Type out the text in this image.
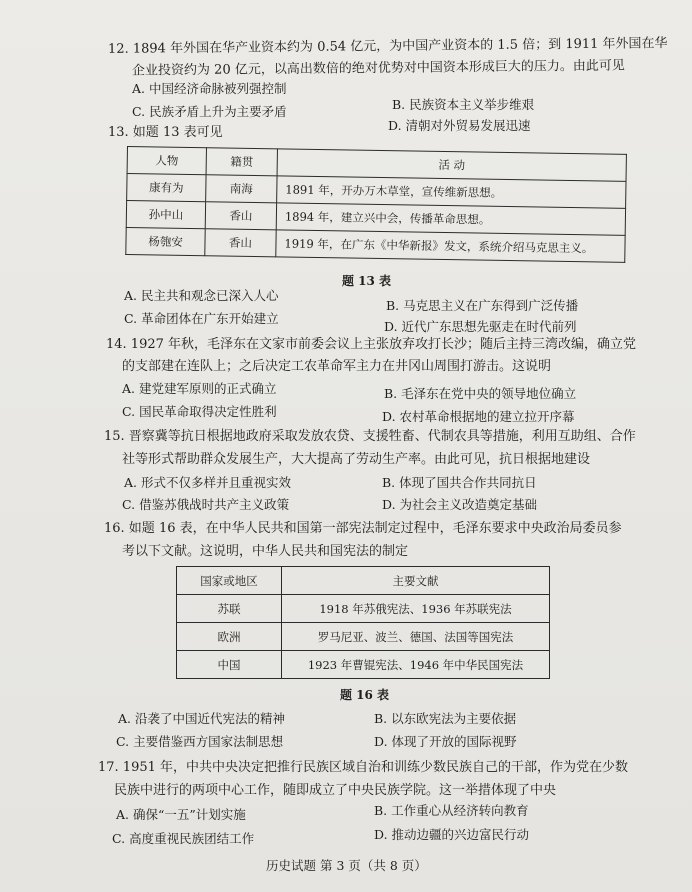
12. 1894 年外国在华产业资本约为 0.54 亿元，为中国产业资本的 1.5 倍；到 1911 年外国在华
企业投资约为 20 亿元，以高出数倍的绝对优势对中国资本形成巨大的压力。由此可见
A. 中国经济命脉被列强控制
B. 民族资本主义举步维艰
C. 民族矛盾上升为主要矛盾
D. 清朝对外贸易发展迅速
13. 如题 13 表可见
人物	籍贯	活 动
康有为	南海	1891 年，开办万木草堂，宣传维新思想。
孙中山	香山	1894 年，建立兴中会，传播革命思想。
杨匏安	香山	1919 年，在广东《中华新报》发文，系统介绍马克思主义。
题 13 表
A. 民主共和观念已深入人心
B. 马克思主义在广东得到广泛传播
C. 革命团体在广东开始建立
D. 近代广东思想先驱走在时代前列
14. 1927 年秋，毛泽东在文家市前委会议上主张放弃攻打长沙；随后主持三湾改编，确立党
的支部建在连队上；之后决定工农革命军主力在井冈山周围打游击。这说明
A. 建党建军原则的正式确立	B. 毛泽东在党中央的领导地位确立
C. 国民革命取得决定性胜利	D. 农村革命根据地的建立拉开序幕
15. 晋察冀等抗日根据地政府采取发放农贷、支援牲畜、代制农具等措施，利用互助组、合作
社等形式帮助群众发展生产，大大提高了劳动生产率。由此可见，抗日根据地建设
A. 形式不仅多样并且重视实效	B. 体现了国共合作共同抗日
C. 借鉴苏俄战时共产主义政策	D. 为社会主义改造奠定基础
16. 如题 16 表，在中华人民共和国第一部宪法制定过程中，毛泽东要求中央政治局委员参
考以下文献。这说明，中华人民共和国宪法的制定
国家或地区	主要文献
苏联	1918 年苏俄宪法、1936 年苏联宪法
欧洲	罗马尼亚、波兰、德国、法国等国宪法
中国	1923 年曹锟宪法、1946 年中华民国宪法
题 16 表
A. 沿袭了中国近代宪法的精神	B. 以东欧宪法为主要依据
C. 主要借鉴西方国家法制思想	D. 体现了开放的国际视野
17. 1951 年，中共中央决定把推行民族区域自治和训练少数民族自己的干部，作为党在少数
民族中进行的两项中心工作，随即成立了中央民族学院。这一举措体现了中央
A. 确保“一五”计划实施	B. 工作重心从经济转向教育
C. 高度重视民族团结工作	D. 推动边疆的兴边富民行动
历史试题 第 3 页（共 8 页）
